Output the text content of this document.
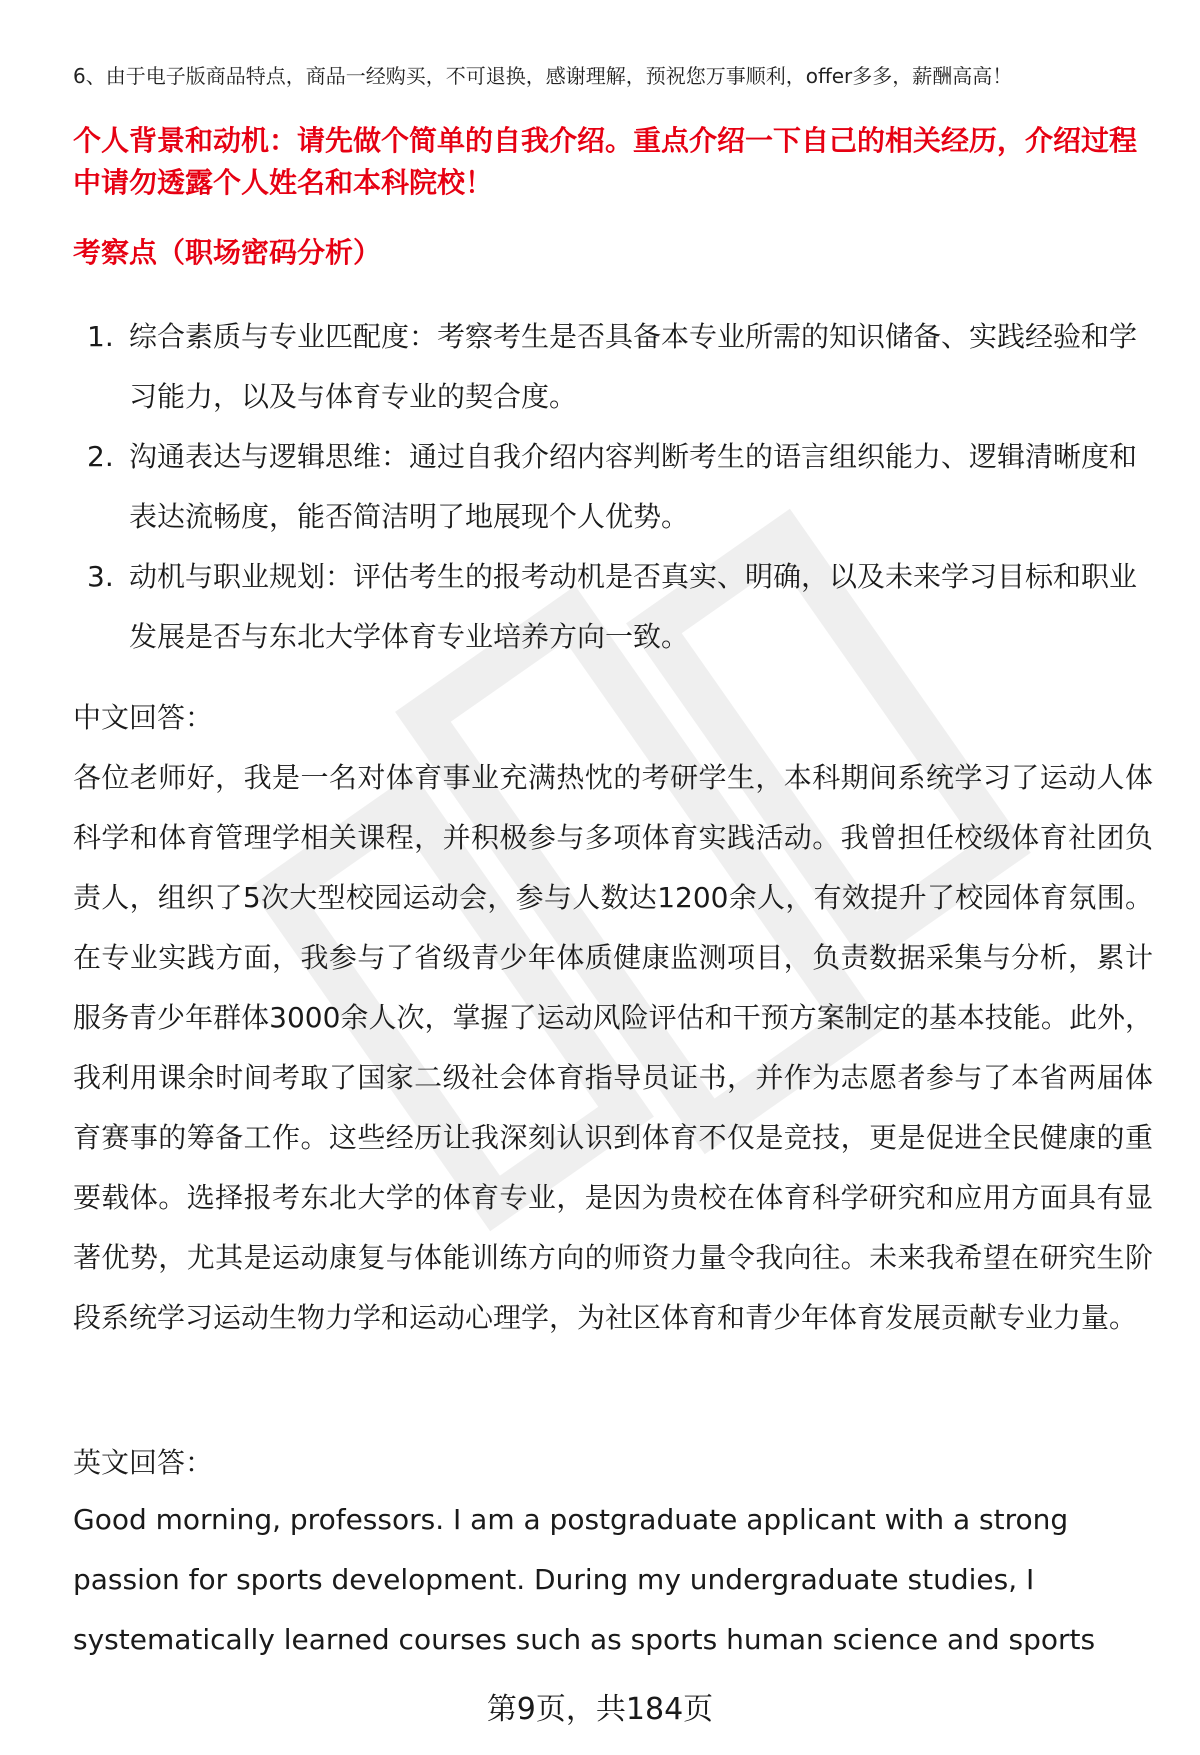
6、由于电子版商品特点，商品一经购买，不可退换，感谢理解，预祝您万事顺利，offer多多，薪酬高高！
个人背景和动机：请先做个简单的自我介绍。重点介绍一下自己的相关经历，介绍过程中请勿透露个人姓名和本科院校！
考察点（职场密码分析）
1. 综合素质与专业匹配度：考察考生是否具备本专业所需的知识储备、实践经验和学习能力，以及与体育专业的契合度。
2. 沟通表达与逻辑思维：通过自我介绍内容判断考生的语言组织能力、逻辑清晰度和表达流畅度，能否简洁明了地展现个人优势。
3. 动机与职业规划：评估考生的报考动机是否真实、明确，以及未来学习目标和职业发展是否与东北大学体育专业培养方向一致。
中文回答：
各位老师好，我是一名对体育事业充满热忱的考研学生，本科期间系统学习了运动人体科学和体育管理学相关课程，并积极参与多项体育实践活动。我曾担任校级体育社团负责人，组织了5次大型校园运动会，参与人数达1200余人，有效提升了校园体育氛围。在专业实践方面，我参与了省级青少年体质健康监测项目，负责数据采集与分析，累计服务青少年群体3000余人次，掌握了运动风险评估和干预方案制定的基本技能。此外，我利用课余时间考取了国家二级社会体育指导员证书，并作为志愿者参与了本省两届体育赛事的筹备工作。这些经历让我深刻认识到体育不仅是竞技，更是促进全民健康的重要载体。选择报考东北大学的体育专业，是因为贵校在体育科学研究和应用方面具有显著优势，尤其是运动康复与体能训练方向的师资力量令我向往。未来我希望在研究生阶段系统学习运动生物力学和运动心理学，为社区体育和青少年体育发展贡献专业力量。
英文回答：
Good morning, professors. I am a postgraduate applicant with a strong passion for sports development. During my undergraduate studies, I systematically learned courses such as sports human science and sports
第9页，共184页
